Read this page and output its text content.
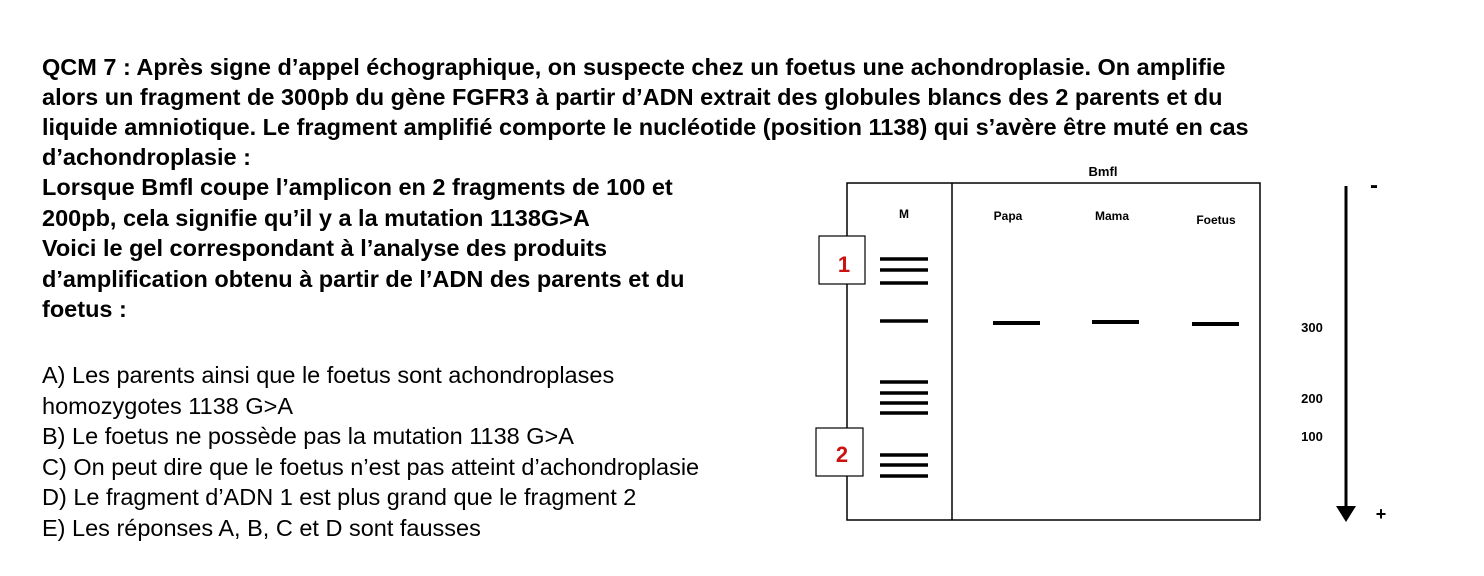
QCM 7 : Après signe d’appel échographique, on suspecte chez un foetus une achondroplasie. On amplifie
alors un fragment de 300pb du gène FGFR3 à partir d’ADN extrait des globules blancs des 2 parents et du
liquide amniotique. Le fragment amplifié comporte le nucléotide (position 1138) qui s’avère être muté en cas
d’achondroplasie :
Lorsque Bmfl coupe l’amplicon en 2 fragments de 100 et
200pb, cela signifie qu’il y a la mutation 1138G>A
Voici le gel correspondant à l’analyse des produits
d’amplification obtenu à partir de l’ADN des parents et du
foetus :
A) Les parents ainsi que le foetus sont achondroplases
homozygotes 1138 G>A
B) Le foetus ne possède pas la mutation 1138 G>A
C) On peut dire que le foetus n’est pas atteint d’achondroplasie
D) Le fragment d’ADN 1 est plus grand que le fragment 2
E) Les réponses A, B, C et D sont fausses
Bmfl
M	Papa	Mama	Foetus
1
2
300
200
100
-
+
